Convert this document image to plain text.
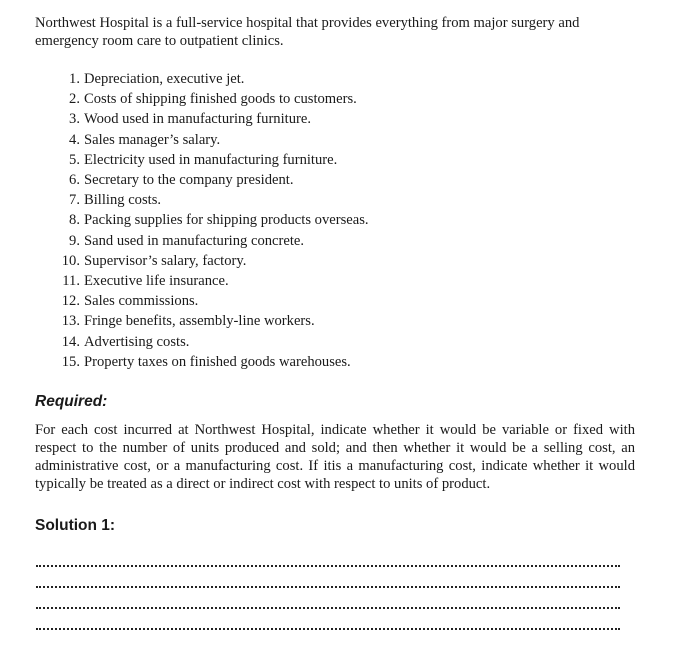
Northwest Hospital is a full-service hospital that provides everything from major surgery and emergency room care to outpatient clinics.
1. Depreciation, executive jet.
2. Costs of shipping finished goods to customers.
3. Wood used in manufacturing furniture.
4. Sales manager’s salary.
5. Electricity used in manufacturing furniture.
6. Secretary to the company president.
7. Billing costs.
8. Packing supplies for shipping products overseas.
9. Sand used in manufacturing concrete.
10. Supervisor’s salary, factory.
11. Executive life insurance.
12. Sales commissions.
13. Fringe benefits, assembly-line workers.
14. Advertising costs.
15. Property taxes on finished goods warehouses.
Required:
For each cost incurred at Northwest Hospital, indicate whether it would be variable or fixed with respect to the number of units produced and sold; and then whether it would be a selling cost, an administrative cost, or a manufacturing cost. If itis a manufacturing cost, indicate whether it would typically be treated as a direct or indirect cost with respect to units of product.
Solution 1:
